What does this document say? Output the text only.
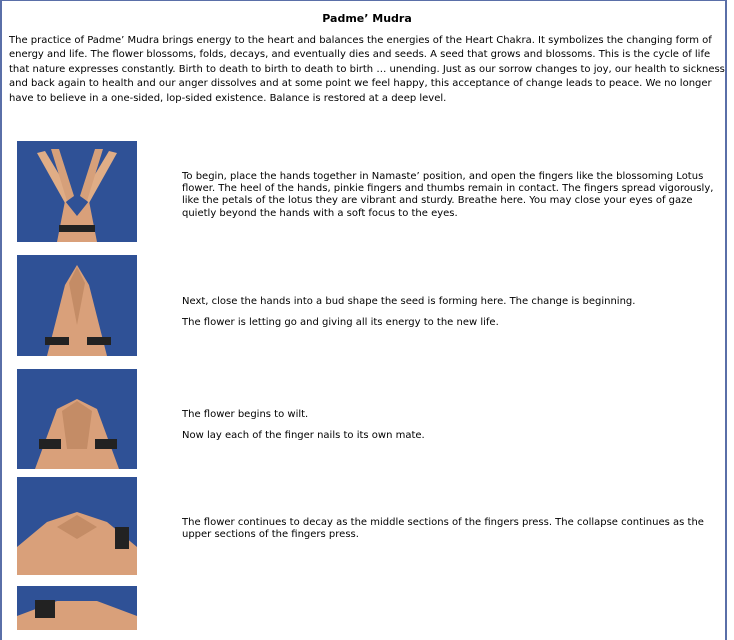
Padme’ Mudra
The practice of Padme’ Mudra brings energy to the heart and balances the energies of the Heart Chakra. It symbolizes the changing form of energy and life. The flower blossoms, folds, decays, and eventually dies and seeds. A seed that grows and blossoms. This is the cycle of life that nature expresses constantly. Birth to death to birth to death to birth … unending. Just as our sorrow changes to joy, our health to sickness and back again to health and our anger dissolves and at some point we feel happy, this acceptance of change leads to peace. We no longer have to believe in a one-sided, lop-sided existence. Balance is restored at a deep level.

To begin, place the hands together in Namaste’ position, and open the fingers like the blossoming Lotus flower. The heel of the hands, pinkie fingers and thumbs remain in contact. The fingers spread vigorously, like the petals of the lotus they are vibrant and sturdy. Breathe here. You may close your eyes of gaze quietly beyond the hands with a soft focus to the eyes.

Next, close the hands into a bud shape the seed is forming here. The change is beginning.

The flower is letting go and giving all its energy to the new life.

The flower begins to wilt.

Now lay each of the finger nails to its own mate.

The flower continues to decay as the middle sections of the fingers press. The collapse continues as the upper sections of the fingers press.
